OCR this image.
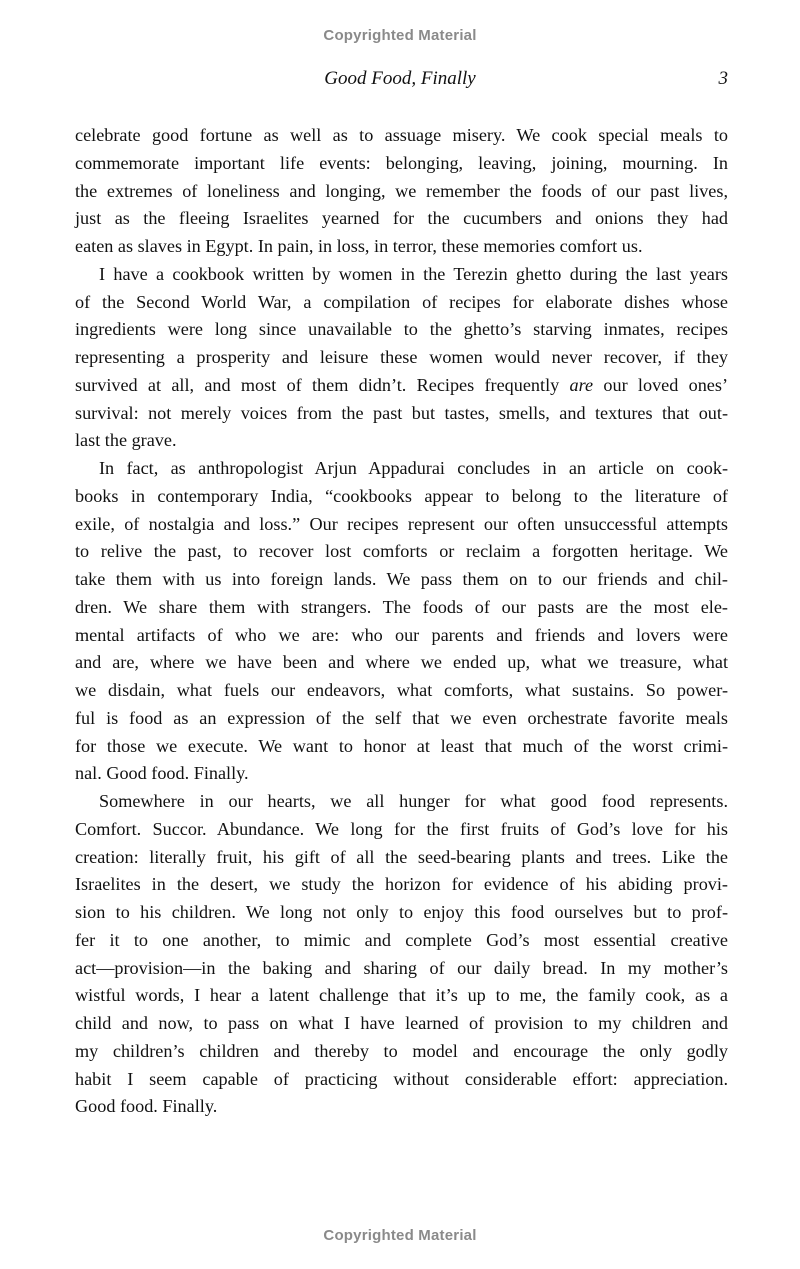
Copyrighted Material
Good Food, Finally	3
celebrate good fortune as well as to assuage misery. We cook special meals to
commemorate important life events: belonging, leaving, joining, mourning. In
the extremes of loneliness and longing, we remember the foods of our past lives,
just as the fleeing Israelites yearned for the cucumbers and onions they had
eaten as slaves in Egypt. In pain, in loss, in terror, these memories comfort us.
I have a cookbook written by women in the Terezin ghetto during the last years
of the Second World War, a compilation of recipes for elaborate dishes whose
ingredients were long since unavailable to the ghetto’s starving inmates, recipes
representing a prosperity and leisure these women would never recover, if they
survived at all, and most of them didn’t. Recipes frequently are our loved ones’
survival: not merely voices from the past but tastes, smells, and textures that out-
last the grave.
In fact, as anthropologist Arjun Appadurai concludes in an article on cook-
books in contemporary India, “cookbooks appear to belong to the literature of
exile, of nostalgia and loss.” Our recipes represent our often unsuccessful attempts
to relive the past, to recover lost comforts or reclaim a forgotten heritage. We
take them with us into foreign lands. We pass them on to our friends and chil-
dren. We share them with strangers. The foods of our pasts are the most ele-
mental artifacts of who we are: who our parents and friends and lovers were
and are, where we have been and where we ended up, what we treasure, what
we disdain, what fuels our endeavors, what comforts, what sustains. So power-
ful is food as an expression of the self that we even orchestrate favorite meals
for those we execute. We want to honor at least that much of the worst crimi-
nal. Good food. Finally.
Somewhere in our hearts, we all hunger for what good food represents.
Comfort. Succor. Abundance. We long for the first fruits of God’s love for his
creation: literally fruit, his gift of all the seed-bearing plants and trees. Like the
Israelites in the desert, we study the horizon for evidence of his abiding provi-
sion to his children. We long not only to enjoy this food ourselves but to prof-
fer it to one another, to mimic and complete God’s most essential creative
act—provision—in the baking and sharing of our daily bread. In my mother’s
wistful words, I hear a latent challenge that it’s up to me, the family cook, as a
child and now, to pass on what I have learned of provision to my children and
my children’s children and thereby to model and encourage the only godly
habit I seem capable of practicing without considerable effort: appreciation.
Good food. Finally.
Copyrighted Material
